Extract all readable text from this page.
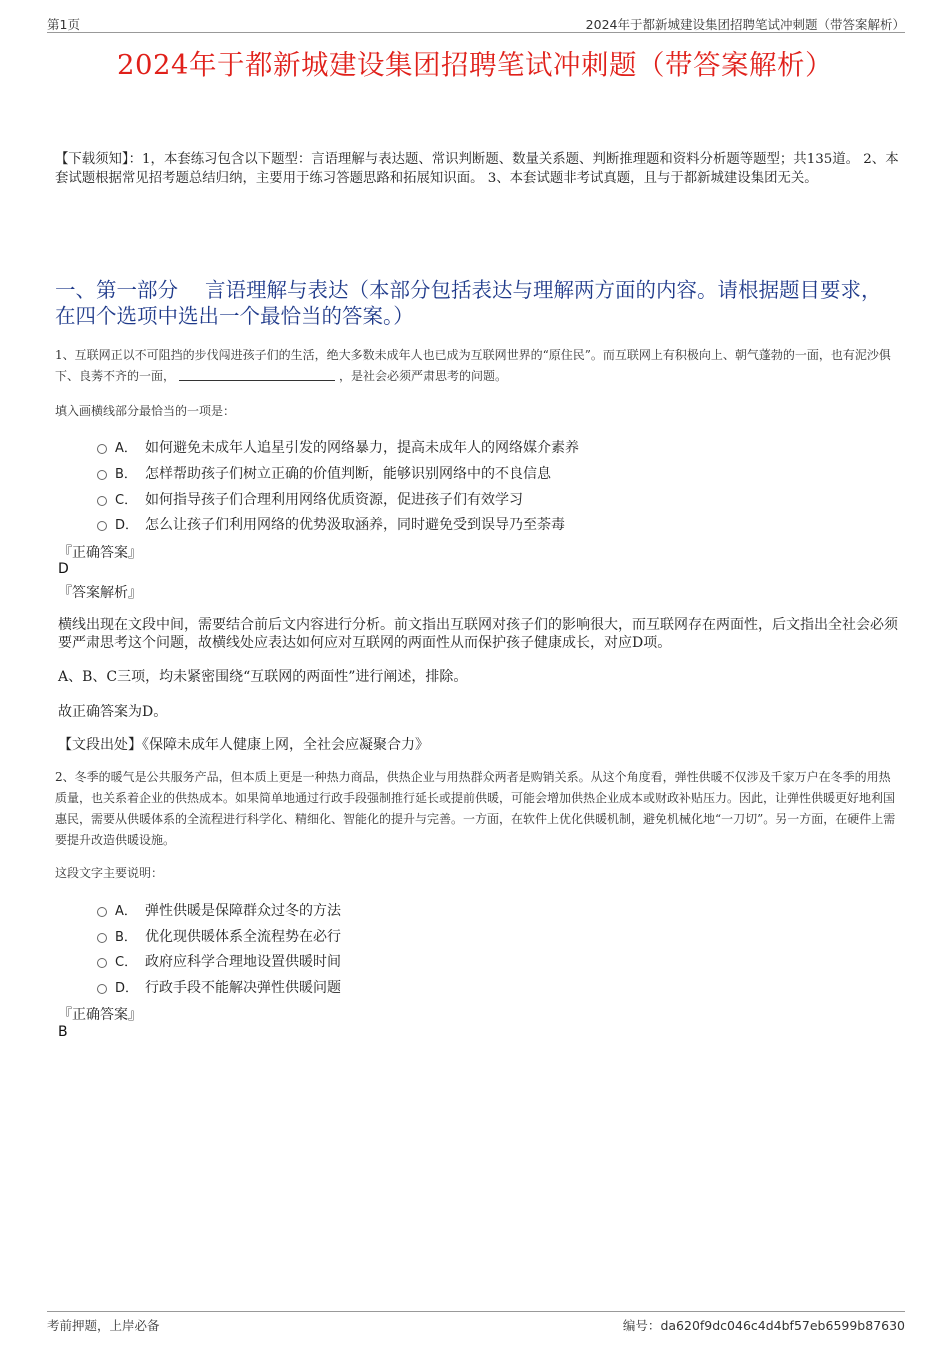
第1页	2024年于都新城建设集团招聘笔试冲刺题（带答案解析）
2024年于都新城建设集团招聘笔试冲刺题（带答案解析）
【下载须知】：1，本套练习包含以下题型：言语理解与表达题、常识判断题、数量关系题、判断推理题和资料分析题等题型；共135道。 2、本套试题根据常见招考题总结归纳，主要用于练习答题思路和拓展知识面。 3、本套试题非考试真题，且与于都新城建设集团无关。
一、第一部分　 言语理解与表达（本部分包括表达与理解两方面的内容。请根据题目要求，在四个选项中选出一个最恰当的答案。）
1、互联网正以不可阻挡的步伐闯进孩子们的生活，绝大多数未成年人也已成为互联网世界的“原住民”。而互联网上有积极向上、朝气蓬勃的一面，也有泥沙俱下、良莠不齐的一面，	，是社会必须严肃思考的问题。
填入画横线部分最恰当的一项是：
A． 如何避免未成年人追星引发的网络暴力，提高未成年人的网络媒介素养
B． 怎样帮助孩子们树立正确的价值判断，能够识别网络中的不良信息
C． 如何指导孩子们合理利用网络优质资源，促进孩子们有效学习
D． 怎么让孩子们利用网络的优势汲取涵养，同时避免受到误导乃至荼毒
『正确答案』
D
『答案解析』
横线出现在文段中间，需要结合前后文内容进行分析。前文指出互联网对孩子们的影响很大，而互联网存在两面性，后文指出全社会必须要严肃思考这个问题，故横线处应表达如何应对互联网的两面性从而保护孩子健康成长，对应D项。
A、B、C三项，均未紧密围绕“互联网的两面性”进行阐述，排除。
故正确答案为D。
【文段出处】《保障未成年人健康上网，全社会应凝聚合力》
2、冬季的暖气是公共服务产品，但本质上更是一种热力商品，供热企业与用热群众两者是购销关系。从这个角度看，弹性供暖不仅涉及千家万户在冬季的用热质量，也关系着企业的供热成本。如果简单地通过行政手段强制推行延长或提前供暖，可能会增加供热企业成本或财政补贴压力。因此，让弹性供暖更好地利国惠民，需要从供暖体系的全流程进行科学化、精细化、智能化的提升与完善。一方面，在软件上优化供暖机制，避免机械化地“一刀切”。另一方面，在硬件上需要提升改造供暖设施。
这段文字主要说明：
A． 弹性供暖是保障群众过冬的方法
B． 优化现供暖体系全流程势在必行
C． 政府应科学合理地设置供暖时间
D． 行政手段不能解决弹性供暖问题
『正确答案』
B
考前押题，上岸必备	编号：da620f9dc046c4d4bf57eb6599b87630
